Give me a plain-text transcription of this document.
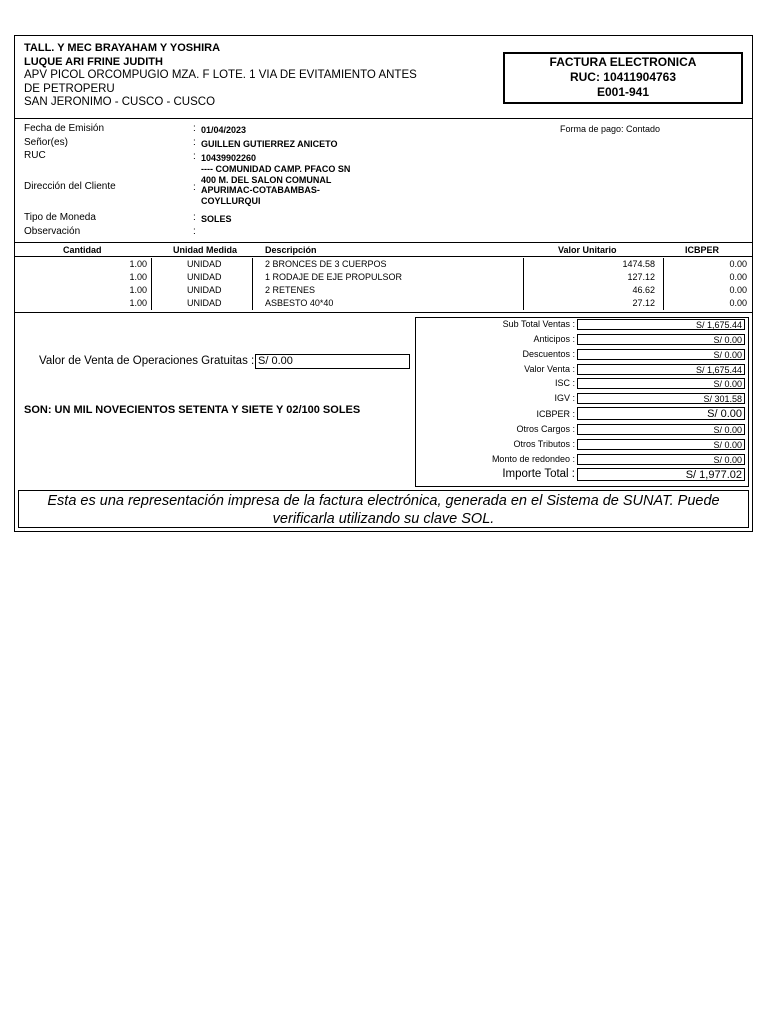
TALL. Y MEC BRAYAHAM Y YOSHIRA
LUQUE ARI FRINE JUDITH
APV PICOL ORCOMPUGIO MZA. F LOTE. 1 VIA DE EVITAMIENTO ANTES
DE PETROPERU
SAN JERONIMO - CUSCO - CUSCO
FACTURA ELECTRONICA
RUC: 10411904763
E001-941
Fecha de Emisión	: 01/04/2023	Forma de pago: Contado
Señor(es)	: GUILLEN GUTIERREZ ANICETO
RUC	: 10439902260
Dirección del Cliente	:
---- COMUNIDAD CAMP. PFACO SN
400 M. DEL SALON COMUNAL
APURIMAC-COTABAMBAS-
COYLLURQUI
Tipo de Moneda	: SOLES
Observación	:
Cantidad	Unidad Medida	Descripción	Valor Unitario	ICBPER
1.00	UNIDAD	2 BRONCES DE 3 CUERPOS	1474.58	0.00
1.00	UNIDAD	1 RODAJE DE EJE PROPULSOR	127.12	0.00
1.00	UNIDAD	2 RETENES	46.62	0.00
1.00	UNIDAD	ASBESTO 40*40	27.12	0.00
Valor de Venta de Operaciones Gratuitas : S/ 0.00
SON: UN MIL NOVECIENTOS SETENTA Y SIETE Y 02/100 SOLES
Sub Total Ventas :	S/ 1,675.44
Anticipos :	S/ 0.00
Descuentos :	S/ 0.00
Valor Venta :	S/ 1,675.44
ISC :	S/ 0.00
IGV :	S/ 301.58
ICBPER :	S/ 0.00
Otros Cargos :	S/ 0.00
Otros Tributos :	S/ 0.00
Monto de redondeo :	S/ 0.00
Importe Total :	S/ 1,977.02
Esta es una representación impresa de la factura electrónica, generada en el Sistema de SUNAT. Puede
verificarla utilizando su clave SOL.
